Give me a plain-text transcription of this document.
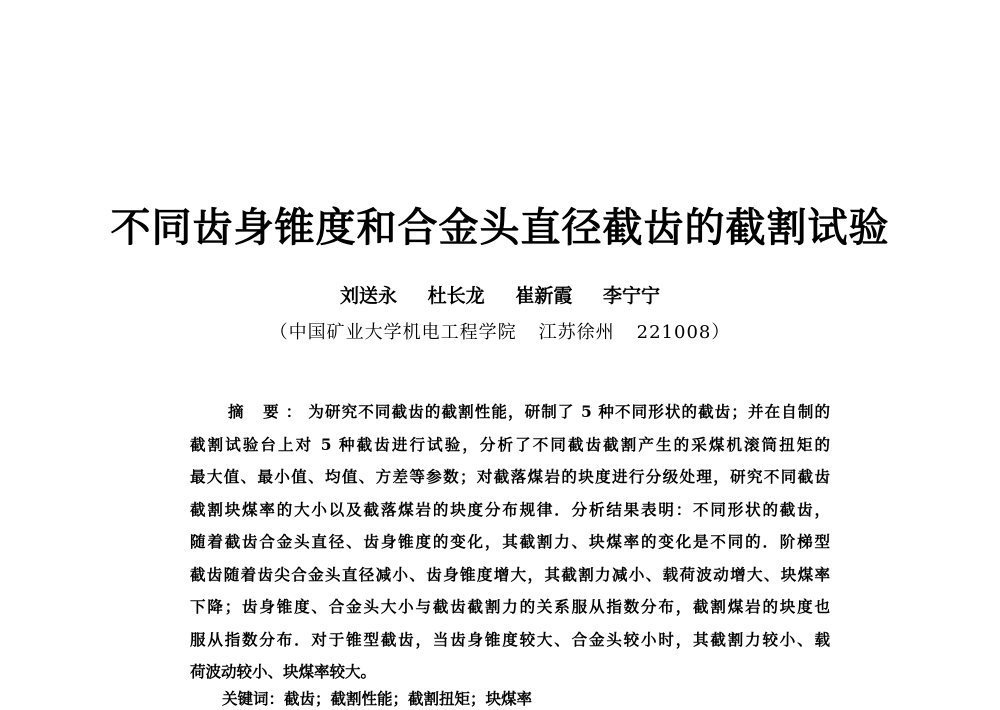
不同齿身锥度和合金头直径截齿的截割试验
刘送永 杜长龙 崔新霞 李宁宁
（中国矿业大学机电工程学院 江苏徐州 221008）
摘 要：为研究不同截齿的截割性能，研制了 5 种不同形状的截齿；并在自制的
截割试验台上对 5 种截齿进行试验，分析了不同截齿截割产生的采煤机滚筒扭矩的
最大值、最小值、均值、方差等参数；对截落煤岩的块度进行分级处理，研究不同截齿
截割块煤率的大小以及截落煤岩的块度分布规律．分析结果表明：不同形状的截齿，
随着截齿合金头直径、齿身锥度的变化，其截割力、块煤率的变化是不同的．阶梯型
截齿随着齿尖合金头直径减小、齿身锥度增大，其截割力减小、载荷波动增大、块煤率
下降；齿身锥度、合金头大小与截齿截割力的关系服从指数分布，截割煤岩的块度也
服从指数分布．对于锥型截齿，当齿身锥度较大、合金头较小时，其截割力较小、载
荷波动较小、块煤率较大。
关键词：截齿；截割性能；截割扭矩；块煤率
